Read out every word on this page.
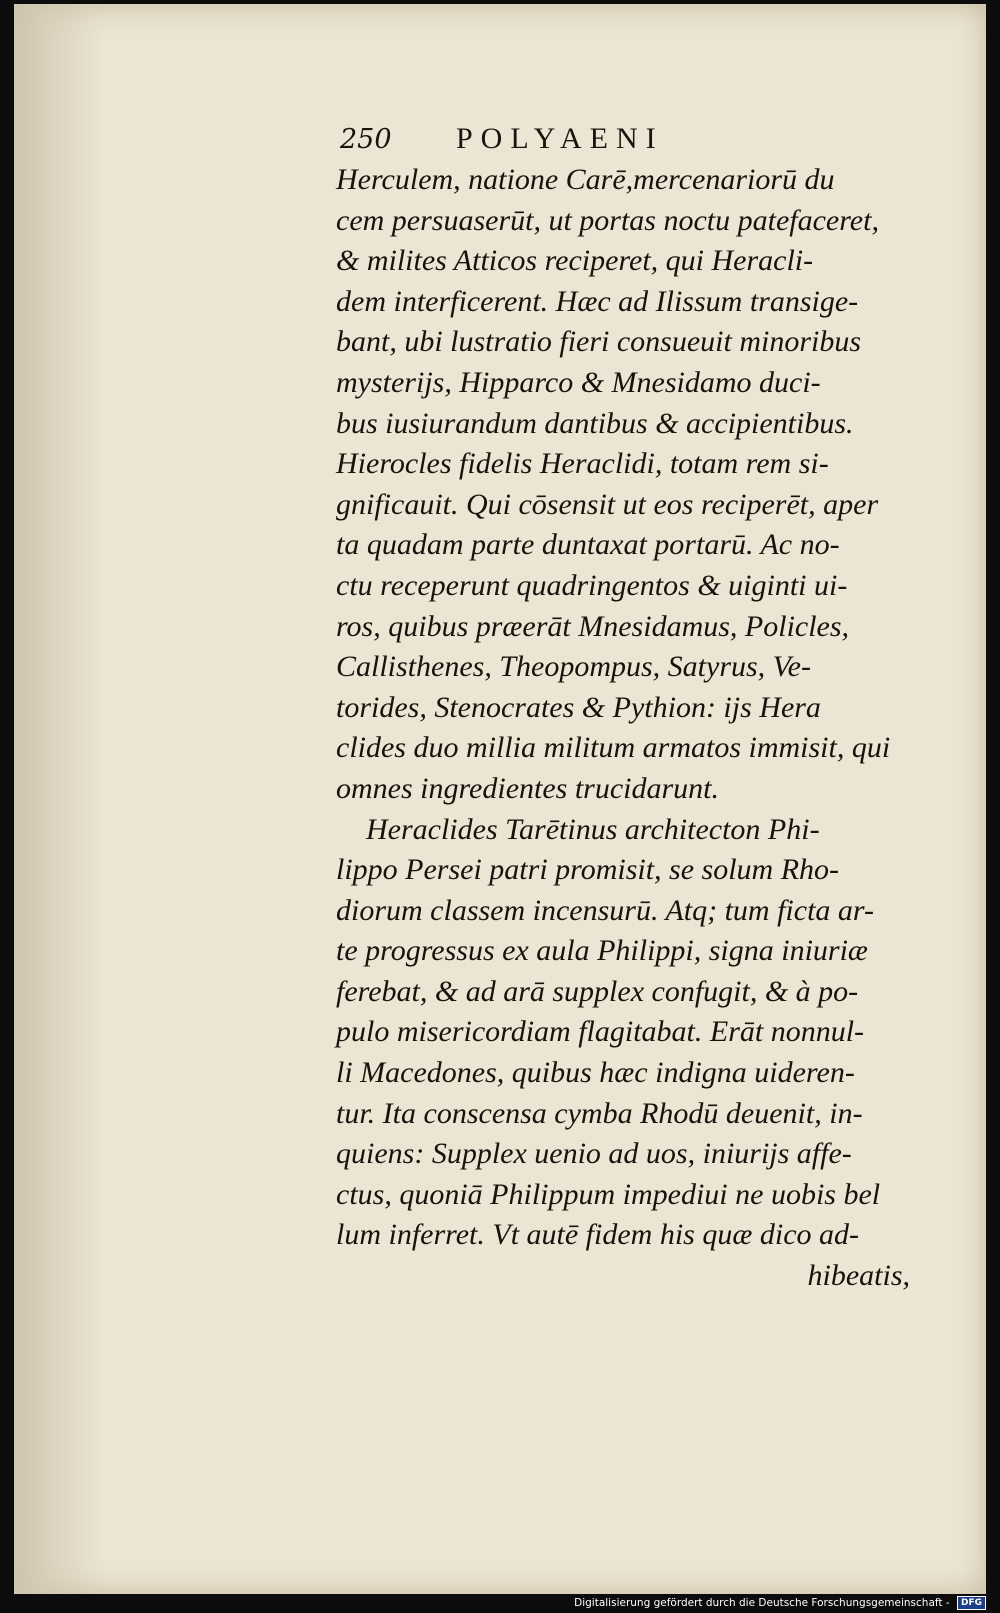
250 POLYAENI
Herculem, natione Carē,mercenariorū du
cem persuaserūt, ut portas noctu patefaceret,
& milites Atticos reciperet, qui Heracli-
dem interficerent. Hæc ad Ilissum transige-
bant, ubi lustratio fieri consueuit minoribus
mysterijs, Hipparco & Mnesidamo duci-
bus iusiurandum dantibus & accipientibus.
Hierocles fidelis Heraclidi, totam rem si-
gnificauit. Qui cōsensit ut eos reciperēt, aper
ta quadam parte duntaxat portarū. Ac no-
ctu receperunt quadringentos & uiginti ui-
ros, quibus præerāt Mnesidamus, Policles,
Callisthenes, Theopompus, Satyrus, Ve-
torides, Stenocrates & Pythion: ijs Hera
clides duo millia militum armatos immisit, qui
omnes ingredientes trucidarunt.
Heraclides Tarētinus architecton Phi-
lippo Persei patri promisit, se solum Rho-
diorum classem incensurū. Atq; tum ficta ar-
te progressus ex aula Philippi, signa iniuriæ
ferebat, & ad arā supplex confugit, & à po-
pulo misericordiam flagitabat. Erāt nonnul-
li Macedones, quibus hæc indigna uideren-
tur. Ita conscensa cymba Rhodū deuenit, in-
quiens: Supplex uenio ad uos, iniurijs affe-
ctus, quoniā Philippum impediui ne uobis bel
lum inferret. Vt autē fidem his quæ dico ad-
hibeatis,
Digitalisierung gefördert durch die Deutsche Forschungsgemeinschaft - DFG
